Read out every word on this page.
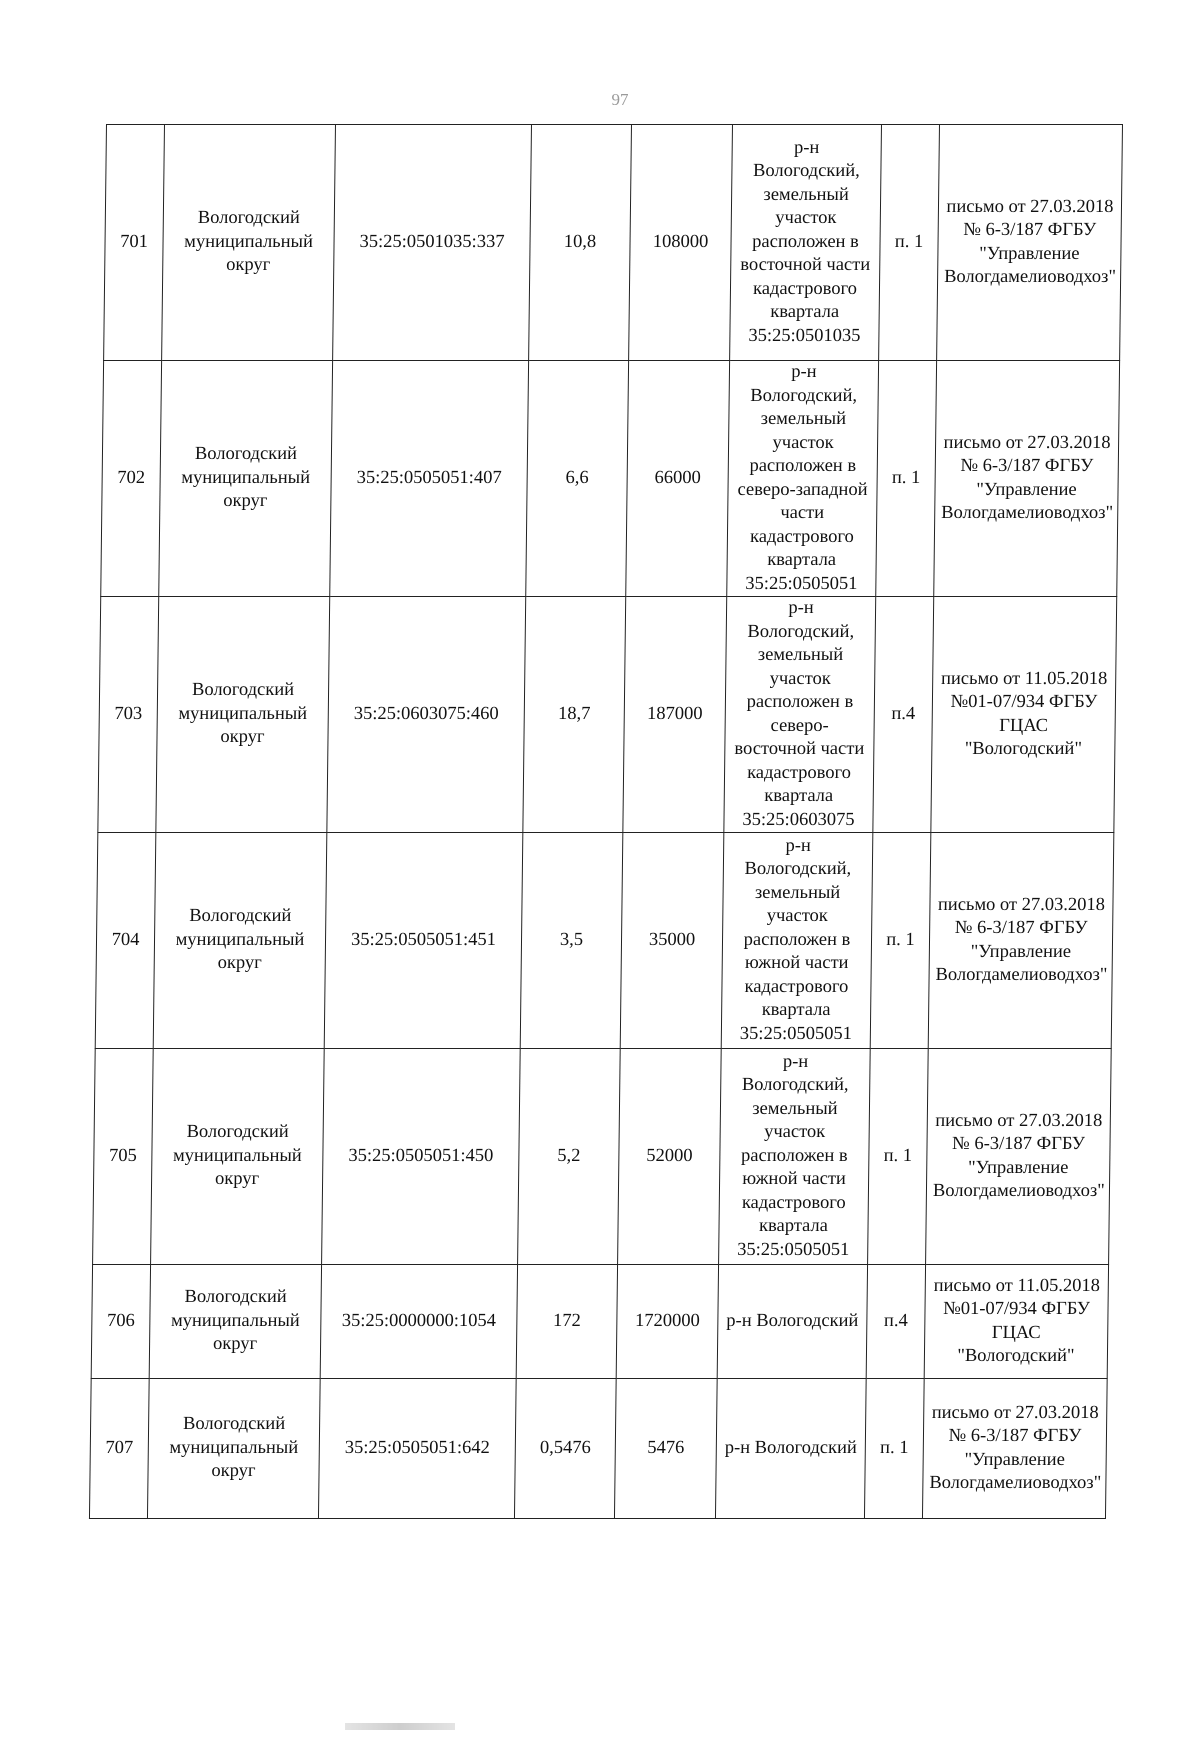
97
701	Вологодский муниципальный округ	35:25:0501035:337	10,8	108000	р-н Вологодский, земельный участок расположен в восточной части кадастрового квартала 35:25:0501035	п. 1	письмо от 27.03.2018 № 6-3/187 ФГБУ "Управление Вологдамелиоводхоз"
702	Вологодский муниципальный округ	35:25:0505051:407	6,6	66000	р-н Вологодский, земельный участок расположен в северо-западной части кадастрового квартала 35:25:0505051	п. 1	письмо от 27.03.2018 № 6-3/187 ФГБУ "Управление Вологдамелиоводхоз"
703	Вологодский муниципальный округ	35:25:0603075:460	18,7	187000	р-н Вологодский, земельный участок расположен в северо-восточной части кадастрового квартала 35:25:0603075	п.4	письмо от 11.05.2018 №01-07/934 ФГБУ ГЦАС "Вологодский"
704	Вологодский муниципальный округ	35:25:0505051:451	3,5	35000	р-н Вологодский, земельный участок расположен в южной части кадастрового квартала 35:25:0505051	п. 1	письмо от 27.03.2018 № 6-3/187 ФГБУ "Управление Вологдамелиоводхоз"
705	Вологодский муниципальный округ	35:25:0505051:450	5,2	52000	р-н Вологодский, земельный участок расположен в южной части кадастрового квартала 35:25:0505051	п. 1	письмо от 27.03.2018 № 6-3/187 ФГБУ "Управление Вологдамелиоводхоз"
706	Вологодский муниципальный округ	35:25:0000000:1054	172	1720000	р-н Вологодский	п.4	письмо от 11.05.2018 №01-07/934 ФГБУ ГЦАС "Вологодский"
707	Вологодский муниципальный округ	35:25:0505051:642	0,5476	5476	р-н Вологодский	п. 1	письмо от 27.03.2018 № 6-3/187 ФГБУ "Управление Вологдамелиоводхоз"
